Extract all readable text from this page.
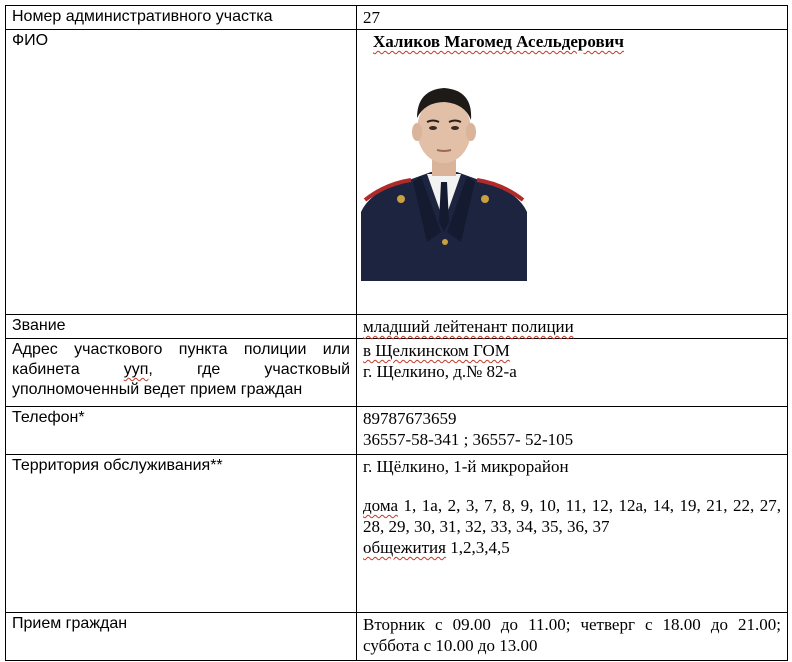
Номер административного участка	27
ФИО	Халиков Магомед Асельдерович

Звание	младший лейтенант полиции
Адрес участкового пункта полиции или кабинета ууп, где участковый уполномоченный ведет прием граждан	в Щелкинском ГОМ
г. Щелкино, д.№ 82-а

Телефон*	89787673659
36557-58-341 ; 36557- 52-105

Территория обслуживания**	г. Щёлкино, 1-й микрорайон
дома 1, 1а, 2, 3, 7, 8, 9, 10, 11, 12, 12а, 14, 19, 21, 22, 27, 28, 29, 30, 31, 32, 33, 34, 35, 36, 37
общежития 1,2,3,4,5

Прием граждан	Вторник с 09.00 до 11.00; четверг с 18.00 до 21.00; суббота с 10.00 до 13.00
